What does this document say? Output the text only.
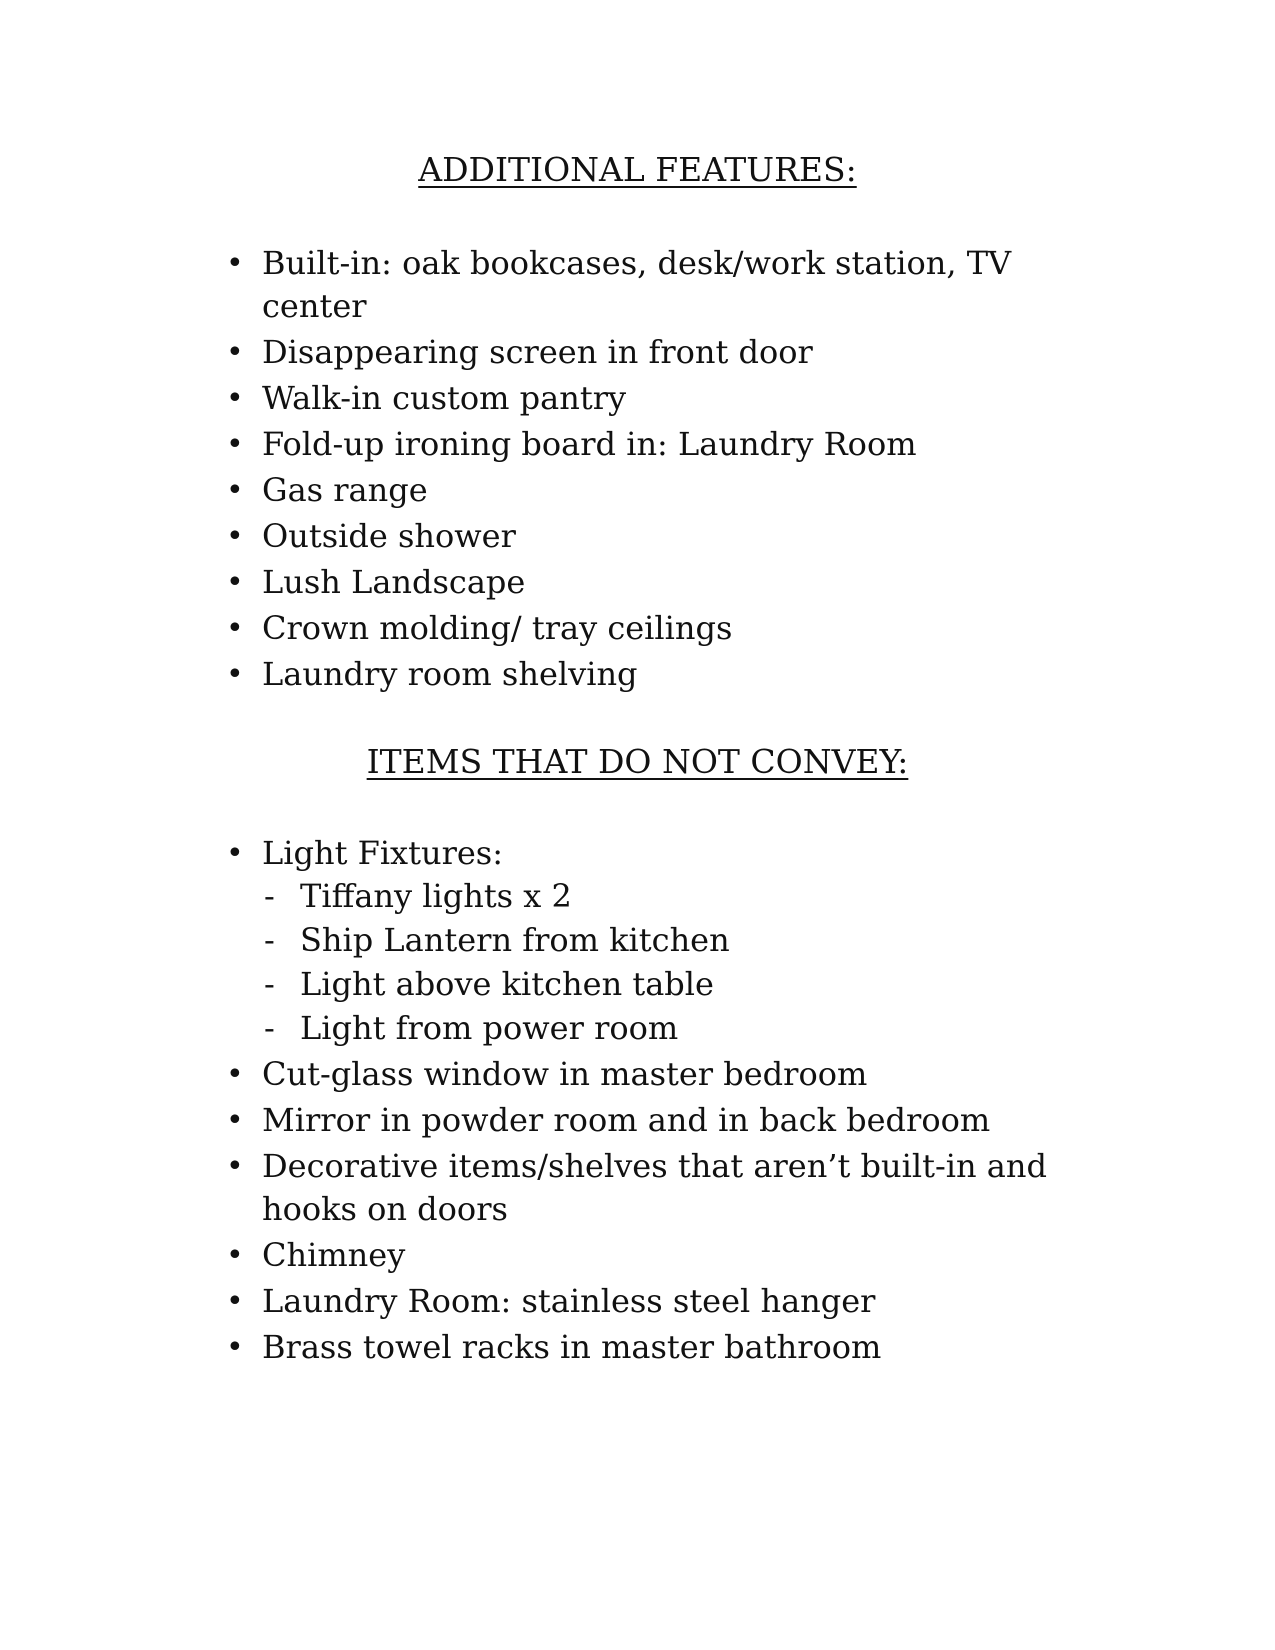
ADDITIONAL FEATURES:
• Built-in: oak bookcases, desk/work station, TV center
• Disappearing screen in front door
• Walk-in custom pantry
• Fold-up ironing board in: Laundry Room
• Gas range
• Outside shower
• Lush Landscape
• Crown molding/ tray ceilings
• Laundry room shelving
ITEMS THAT DO NOT CONVEY:
• Light Fixtures:
- Tiffany lights x 2
- Ship Lantern from kitchen
- Light above kitchen table
- Light from power room
• Cut-glass window in master bedroom
• Mirror in powder room and in back bedroom
• Decorative items/shelves that aren’t built-in and hooks on doors
• Chimney
• Laundry Room: stainless steel hanger
• Brass towel racks in master bathroom
